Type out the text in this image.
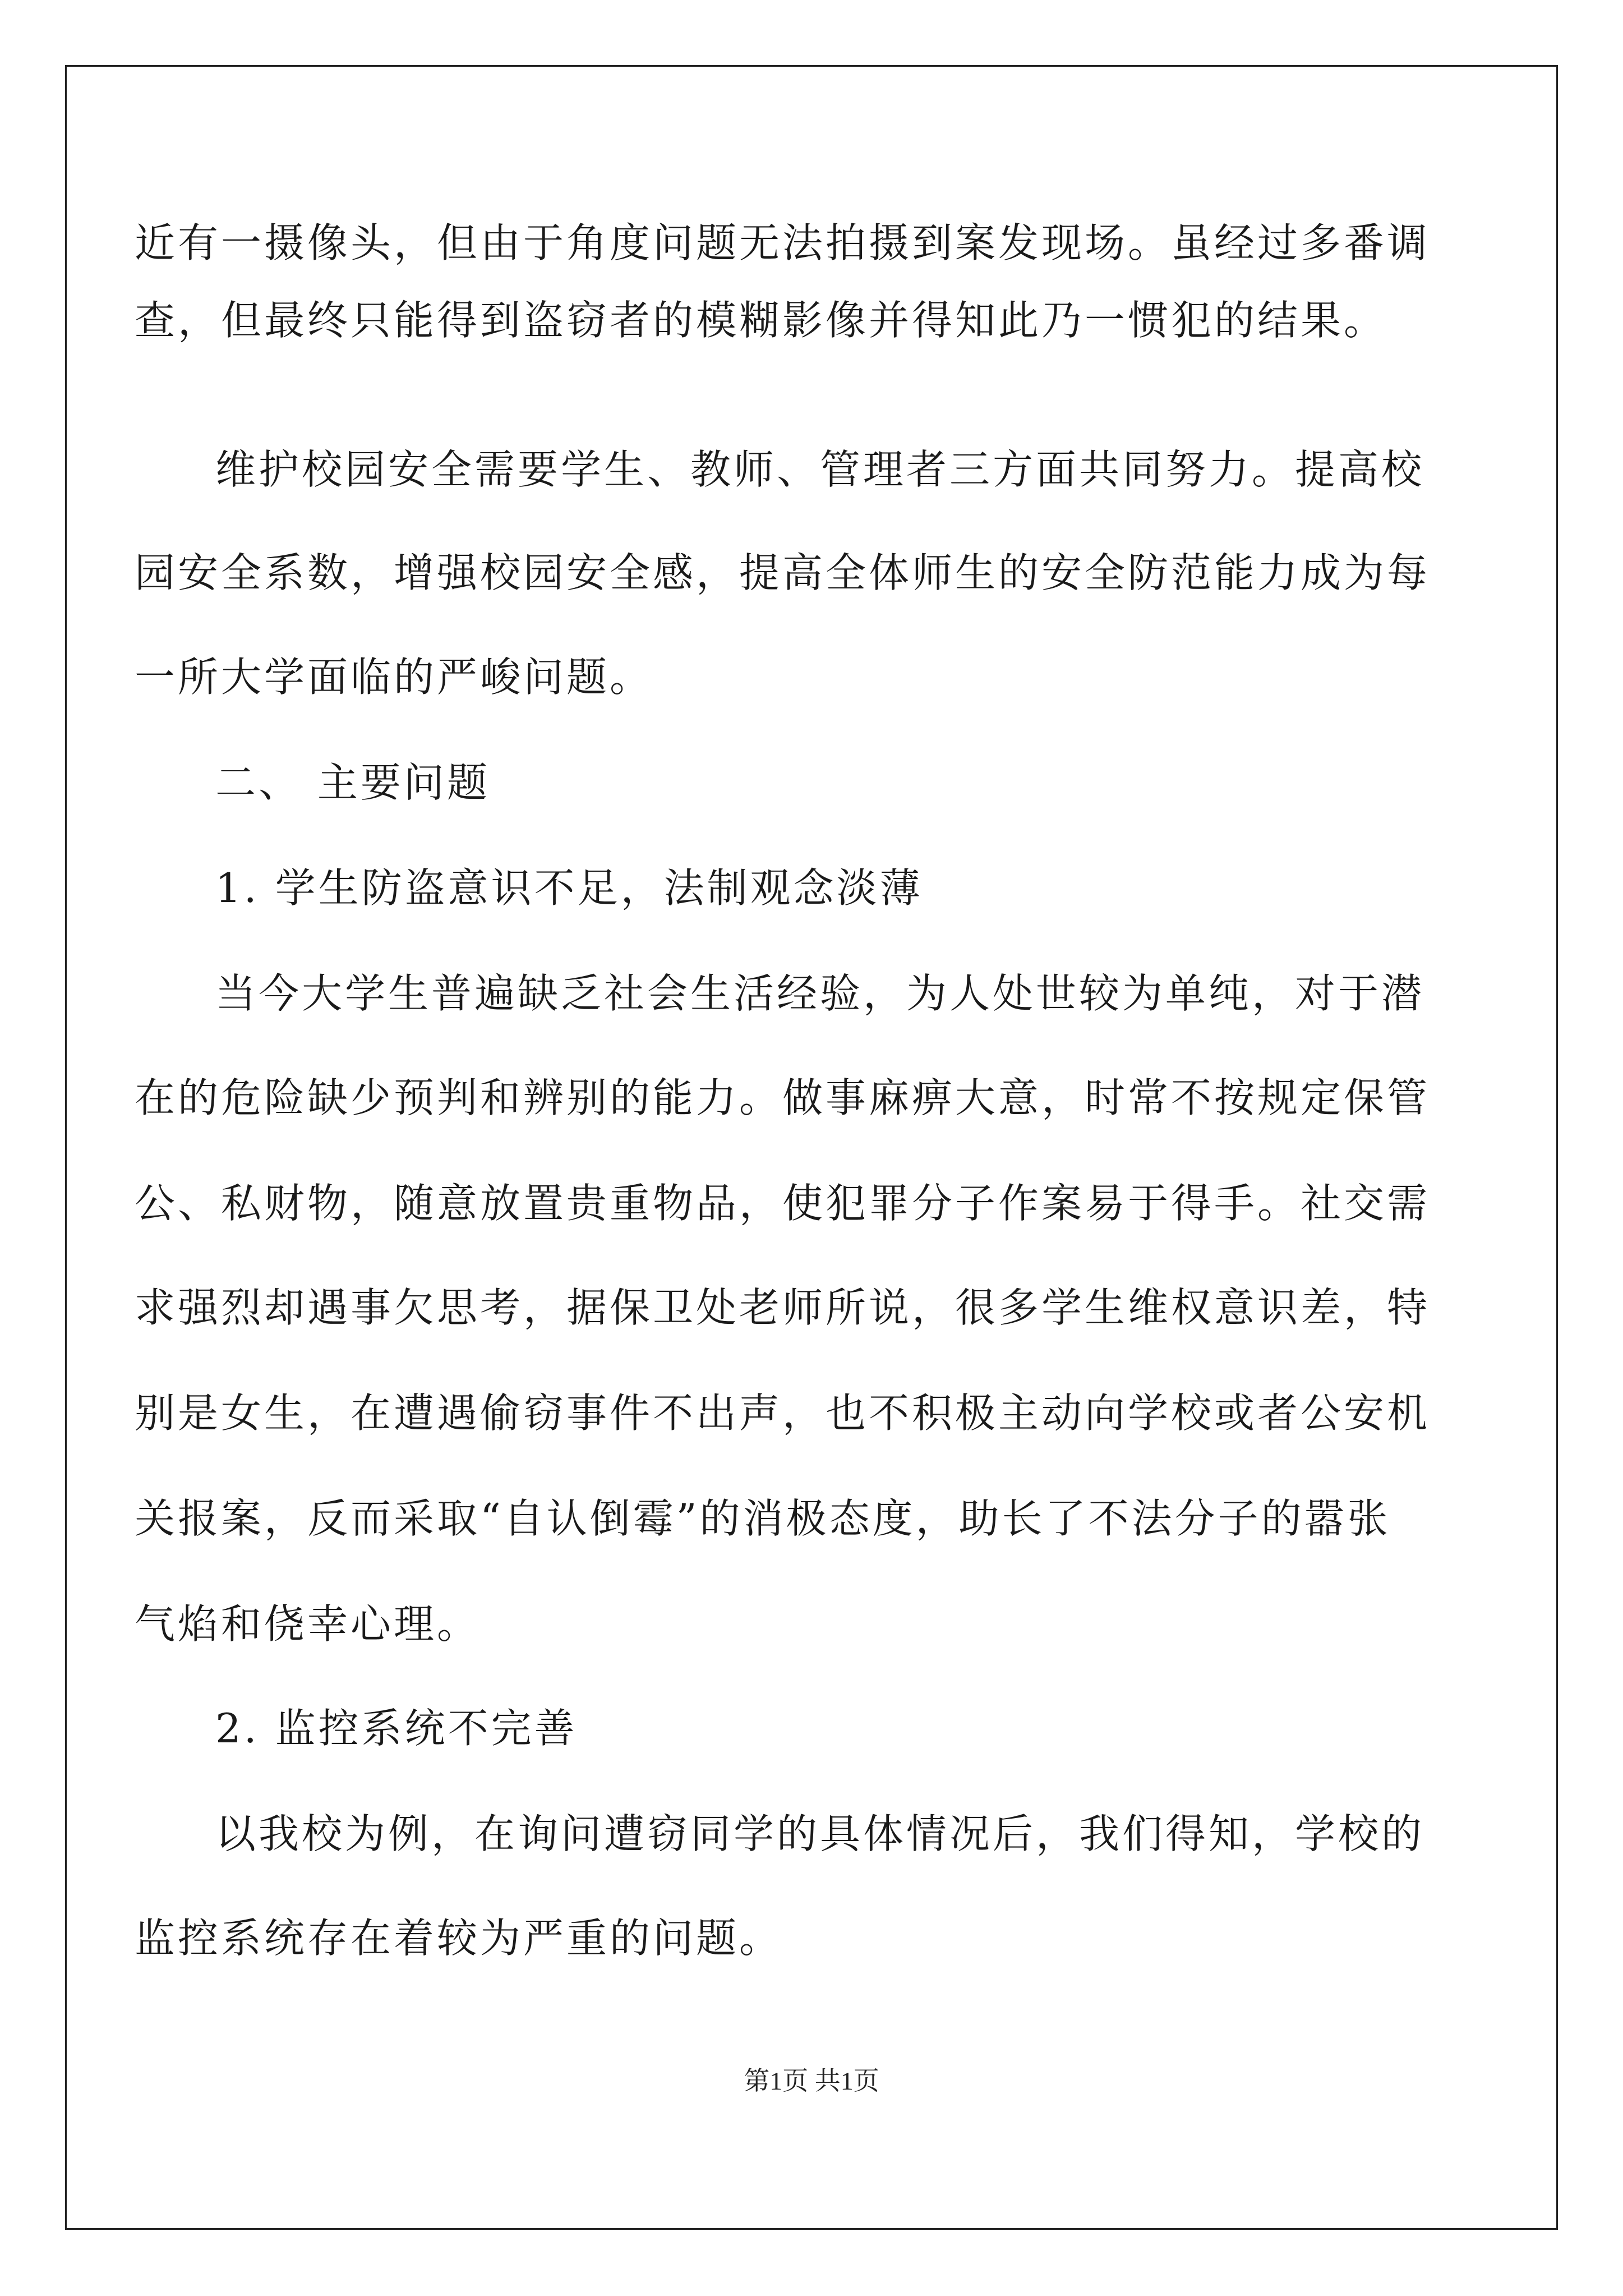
近有一摄像头，但由于角度问题无法拍摄到案发现场。虽经过多番调
查，但最终只能得到盗窃者的模糊影像并得知此乃一惯犯的结果。
维护校园安全需要学生、教师、管理者三方面共同努力。提高校
园安全系数，增强校园安全感，提高全体师生的安全防范能力成为每
一所大学面临的严峻问题。
二、 主要问题
1. 学生防盗意识不足，法制观念淡薄
当今大学生普遍缺乏社会生活经验，为人处世较为单纯，对于潜
在的危险缺少预判和辨别的能力。做事麻痹大意，时常不按规定保管
公、私财物，随意放置贵重物品，使犯罪分子作案易于得手。社交需
求强烈却遇事欠思考，据保卫处老师所说，很多学生维权意识差，特
别是女生，在遭遇偷窃事件不出声，也不积极主动向学校或者公安机
关报案，反而采取“自认倒霉”的消极态度，助长了不法分子的嚣张
气焰和侥幸心理。
2. 监控系统不完善
以我校为例，在询问遭窃同学的具体情况后，我们得知，学校的
监控系统存在着较为严重的问题。
第1页 共1页
